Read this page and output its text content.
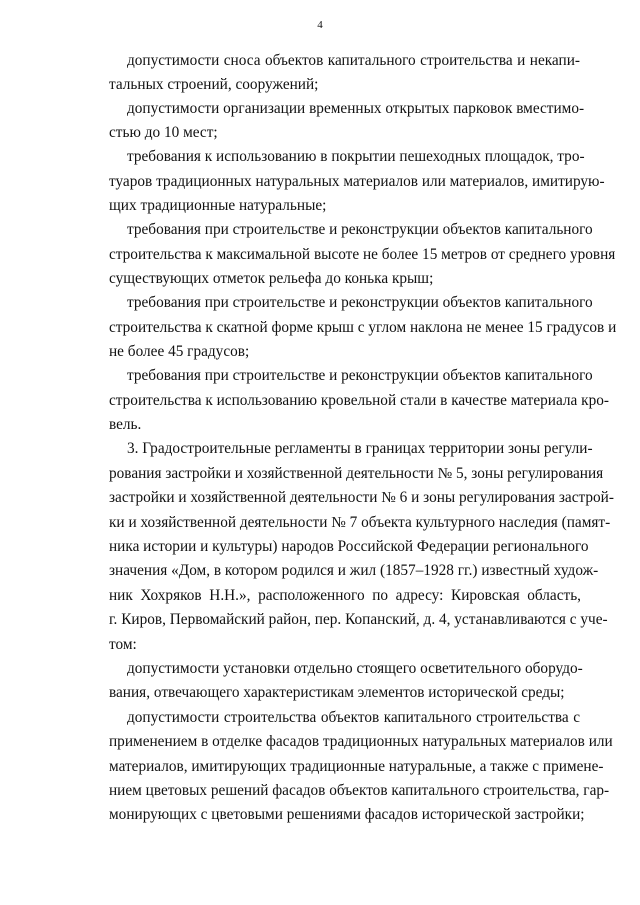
4
допустимости сноса объектов капитального строительства и некапи-
тальных строений, сооружений;
допустимости организации временных открытых парковок вместимо-
стью до 10 мест;
требования к использованию в покрытии пешеходных площадок, тро-
туаров традиционных натуральных материалов или материалов, имитирую-
щих традиционные натуральные;
требования при строительстве и реконструкции объектов капитального
строительства к максимальной высоте не более 15 метров от среднего уровня
существующих отметок рельефа до конька крыш;
требования при строительстве и реконструкции объектов капитального
строительства к скатной форме крыш с углом наклона не менее 15 градусов и
не более 45 градусов;
требования при строительстве и реконструкции объектов капитального
строительства к использованию кровельной стали в качестве материала кро-
вель.
3. Градостроительные регламенты в границах территории зоны регули-
рования застройки и хозяйственной деятельности № 5, зоны регулирования
застройки и хозяйственной деятельности № 6 и зоны регулирования застрой-
ки и хозяйственной деятельности № 7 объекта культурного наследия (памят-
ника истории и культуры) народов Российской Федерации регионального
значения «Дом, в котором родился и жил (1857–1928 гг.) известный худож-
ник Хохряков Н.Н.», расположенного по адресу: Кировская область,
г. Киров, Первомайский район, пер. Копанский, д. 4, устанавливаются с уче-
том:
допустимости установки отдельно стоящего осветительного оборудо-
вания, отвечающего характеристикам элементов исторической среды;
допустимости строительства объектов капитального строительства с
применением в отделке фасадов традиционных натуральных материалов или
материалов, имитирующих традиционные натуральные, а также с примене-
нием цветовых решений фасадов объектов капитального строительства, гар-
монирующих с цветовыми решениями фасадов исторической застройки;
